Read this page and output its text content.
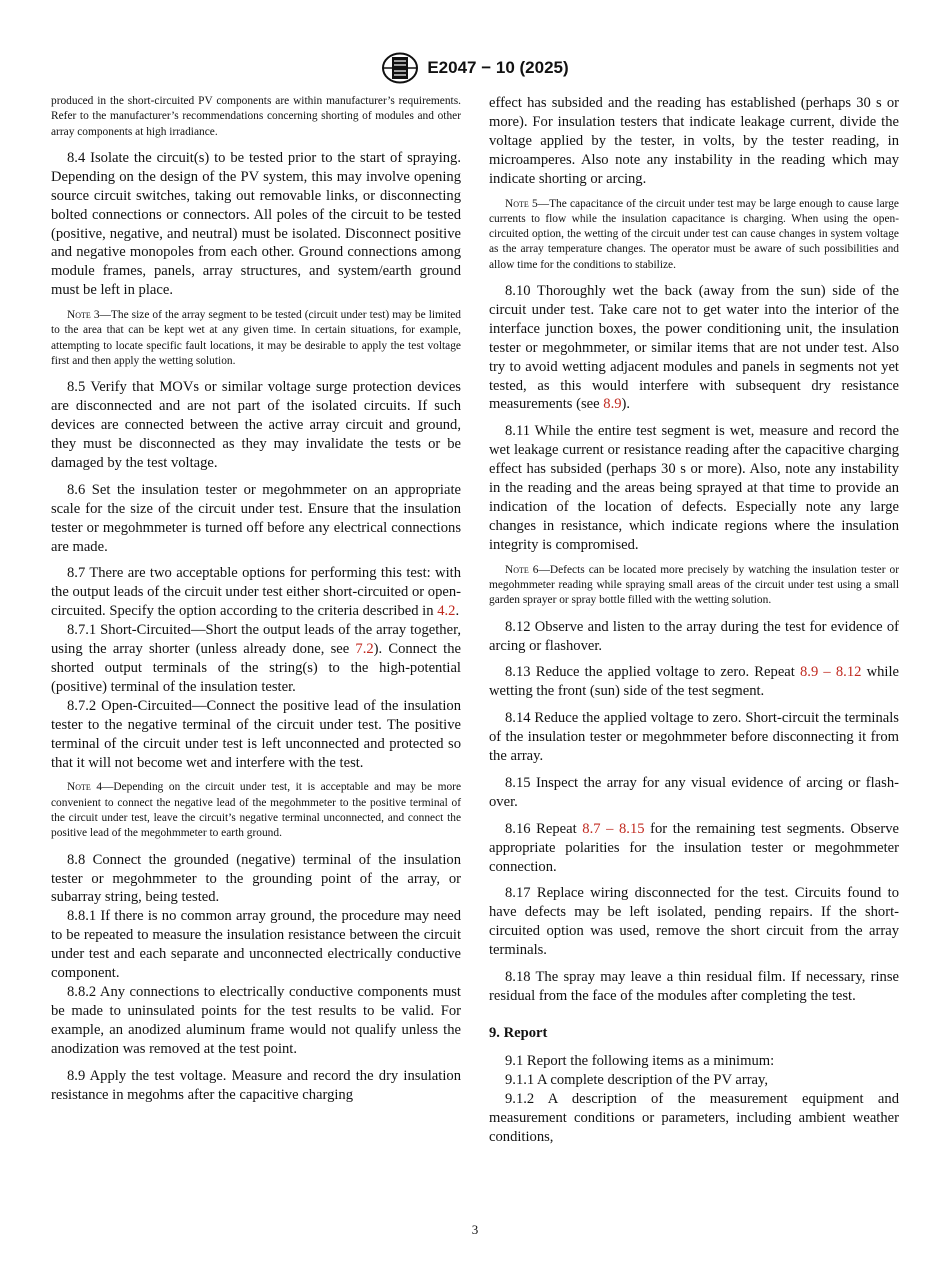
E2047 − 10 (2025)

produced in the short-circuited PV components are within manufacturer’s requirements. Refer to the manufacturer’s recommendations concerning shorting of modules and other array components at high irradiance.

8.4 Isolate the circuit(s) to be tested prior to the start of spraying. Depending on the design of the PV system, this may involve opening source circuit switches, taking out removable links, or disconnecting bolted connections or connectors. All poles of the circuit to be tested (positive, negative, and neutral) must be isolated. Disconnect positive and negative monopoles from each other. Ground connections among module frames, panels, array structures, and system/earth ground must be left in place.

Note 3—The size of the array segment to be tested (circuit under test) may be limited to the area that can be kept wet at any given time. In certain situations, for example, attempting to locate specific fault locations, it may be desirable to apply the test voltage first and then apply the wetting solution.

8.5 Verify that MOVs or similar voltage surge protection devices are disconnected and are not part of the isolated circuits. If such devices are connected between the active array circuit and ground, they must be disconnected as they may invalidate the tests or be damaged by the test voltage.

8.6 Set the insulation tester or megohmmeter on an appropriate scale for the size of the circuit under test. Ensure that the insulation tester or megohmmeter is turned off before any electrical connections are made.

8.7 There are two acceptable options for performing this test: with the output leads of the circuit under test either short-circuited or open-circuited. Specify the option according to the criteria described in 4.2.

8.7.1 Short-Circuited—Short the output leads of the array together, using the array shorter (unless already done, see 7.2). Connect the shorted output terminals of the string(s) to the high-potential (positive) terminal of the insulation tester.

8.7.2 Open-Circuited—Connect the positive lead of the insulation tester to the negative terminal of the circuit under test. The positive terminal of the circuit under test is left unconnected and protected so that it will not become wet and interfere with the test.

Note 4—Depending on the circuit under test, it is acceptable and may be more convenient to connect the negative lead of the megohmmeter to the positive terminal of the circuit under test, leave the circuit’s negative terminal unconnected, and connect the positive lead of the megohmmeter to earth ground.

8.8 Connect the grounded (negative) terminal of the insulation tester or megohmmeter to the grounding point of the array, or subarray string, being tested.

8.8.1 If there is no common array ground, the procedure may need to be repeated to measure the insulation resistance between the circuit under test and each separate and unconnected electrically conductive component.

8.8.2 Any connections to electrically conductive components must be made to uninsulated points for the test results to be valid. For example, an anodized aluminum frame would not qualify unless the anodization was removed at the test point.

8.9 Apply the test voltage. Measure and record the dry insulation resistance in megohms after the capacitive charging

effect has subsided and the reading has established (perhaps 30 s or more). For insulation testers that indicate leakage current, divide the voltage applied by the tester, in volts, by the tester reading, in microamperes. Also note any instability in the reading which may indicate shorting or arcing.

Note 5—The capacitance of the circuit under test may be large enough to cause large currents to flow while the insulation capacitance is charging. When using the open-circuited option, the wetting of the circuit under test can cause changes in system voltage as the array temperature changes. The operator must be aware of such possibilities and allow time for the conditions to stabilize.

8.10 Thoroughly wet the back (away from the sun) side of the circuit under test. Take care not to get water into the interior of the interface junction boxes, the power conditioning unit, the insulation tester or megohmmeter, or similar items that are not under test. Also try to avoid wetting adjacent modules and panels in segments not yet tested, as this would interfere with subsequent dry resistance measurements (see 8.9).

8.11 While the entire test segment is wet, measure and record the wet leakage current or resistance reading after the capacitive charging effect has subsided (perhaps 30 s or more). Also, note any instability in the reading and the areas being sprayed at that time to provide an indication of the location of defects. Especially note any large changes in resistance, which indicate regions where the insulation integrity is compromised.

Note 6—Defects can be located more precisely by watching the insulation tester or megohmmeter reading while spraying small areas of the circuit under test using a small garden sprayer or spray bottle filled with the wetting solution.

8.12 Observe and listen to the array during the test for evidence of arcing or flashover.

8.13 Reduce the applied voltage to zero. Repeat 8.9 – 8.12 while wetting the front (sun) side of the test segment.

8.14 Reduce the applied voltage to zero. Short-circuit the terminals of the insulation tester or megohmmeter before disconnecting it from the array.

8.15 Inspect the array for any visual evidence of arcing or flash-over.

8.16 Repeat 8.7 – 8.15 for the remaining test segments. Observe appropriate polarities for the insulation tester or megohmmeter connection.

8.17 Replace wiring disconnected for the test. Circuits found to have defects may be left isolated, pending repairs. If the short-circuited option was used, remove the short circuit from the array terminals.

8.18 The spray may leave a thin residual film. If necessary, rinse residual from the face of the modules after completing the test.

9. Report

9.1 Report the following items as a minimum:

9.1.1 A complete description of the PV array,

9.1.2 A description of the measurement equipment and measurement conditions or parameters, including ambient weather conditions,

3
